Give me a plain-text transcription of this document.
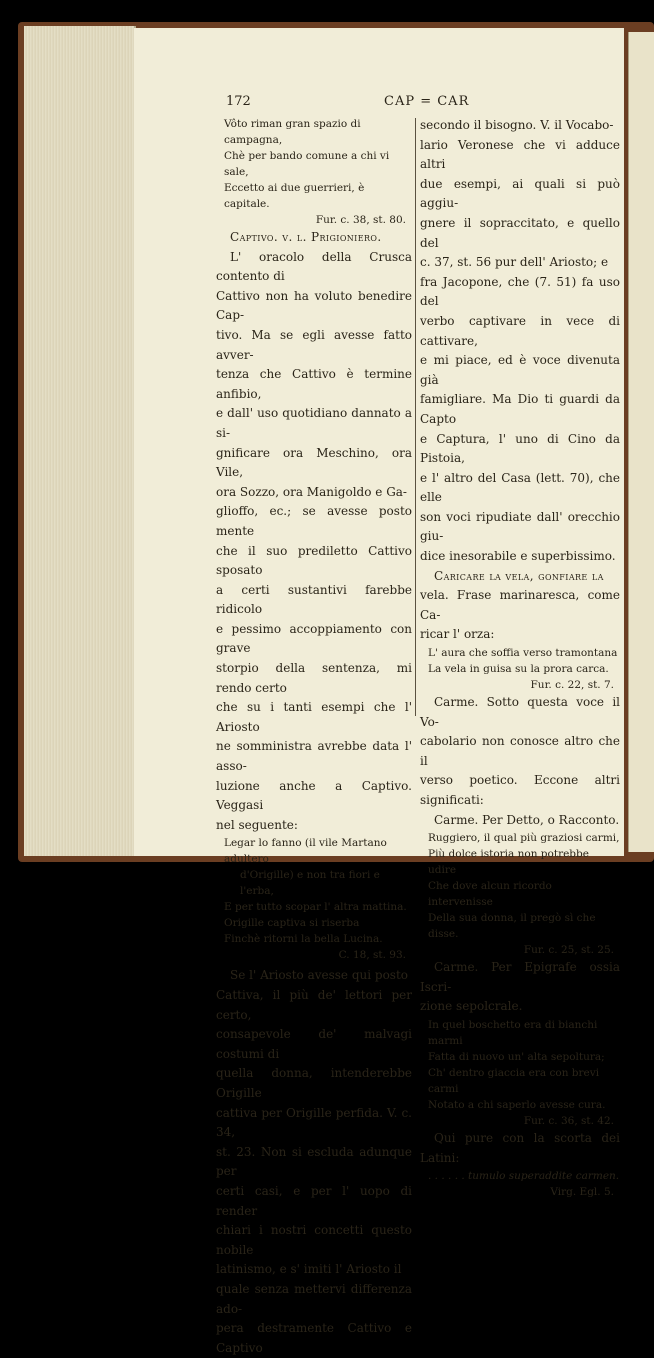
172	CAP = CAR

Vôto riman gran spazio di campagna,

Chè per bando comune a chi vi sale,

Eccetto ai due guerrieri, è capitale.

Fur. c. 38, st. 80.

Captivo. v. l. Prigioniero.

L' oracolo della Crusca contento di

Cattivo non ha voluto benedire Cap-

tivo. Ma se egli avesse fatto avver-

tenza che Cattivo è termine anfibio,

e dall' uso quotidiano dannato a si-

gnificare ora Meschino, ora Vile,

ora Sozzo, ora Manigoldo e Ga-

glioffo, ec.; se avesse posto mente

che il suo prediletto Cattivo sposato

a certi sustantivi farebbe ridicolo

e pessimo accoppiamento con grave

storpio della sentenza, mi rendo certo

che su i tanti esempi che l' Ariosto

ne somministra avrebbe data l' asso-

luzione anche a Captivo. Veggasi

nel seguente:

Legar lo fanno (il vile Martano adultero

d'Origille) e non tra fiori e l'erba,

E per tutto scopar l' altra mattina.

Origille captiva si riserba

Finchè ritorni la bella Lucina.

C. 18, st. 93.

Se l' Ariosto avesse qui posto

Cattiva, il più de' lettori per certo,

consapevole de' malvagi costumi di

quella donna, intenderebbe Origille

cattiva per Origille perfida. V. c. 34,

st. 23. Non si escluda adunque per

certi casi, e per l' uopo di render

chiari i nostri concetti questo nobile

latinismo, e s' imiti l' Ariosto il

quale senza mettervi differenza ado-

pera destramente Cattivo e Captivo

secondo il bisogno. V. il Vocabo-

lario Veronese che vi adduce altri

due esempi, ai quali si può aggiu-

gnere il sopraccitato, e quello del

c. 37, st. 56 pur dell' Ariosto; e

fra Jacopone, che (7. 51) fa uso del

verbo captivare in vece di cattivare,

e mi piace, ed è voce divenuta già

famigliare. Ma Dio ti guardi da Capto

e Captura, l' uno di Cino da Pistoia,

e l' altro del Casa (lett. 70), che elle

son voci ripudiate dall' orecchio giu-

dice inesorabile e superbissimo.

Caricare la vela, gonfiare la

vela. Frase marinaresca, come Ca-

ricar l' orza:

L' aura che soffia verso tramontana

La vela in guisa su la prora carca.

Fur. c. 22, st. 7.

Carme. Sotto questa voce il Vo-

cabolario non conosce altro che il

verso poetico. Eccone altri significati:

Carme. Per Detto, o Racconto.

Ruggiero, il qual più graziosi carmi,

Più dolce istoria non potrebbe udire

Che dove alcun ricordo intervenisse

Della sua donna, il pregò sì che disse.

Fur. c. 25, st. 25.

Carme. Per Epigrafe ossia Iscri-

zione sepolcrale.

In quel boschetto era di bianchi marmi

Fatta di nuovo un' alta sepoltura;

Ch' dentro giaccia era con brevi carmi

Notato a chi saperlo avesse cura.

Fur. c. 36, st. 42.

Qui pure con la scorta dei Latini:

. . . . . . tumulo superaddite carmen.

Virg. Egl. 5.
